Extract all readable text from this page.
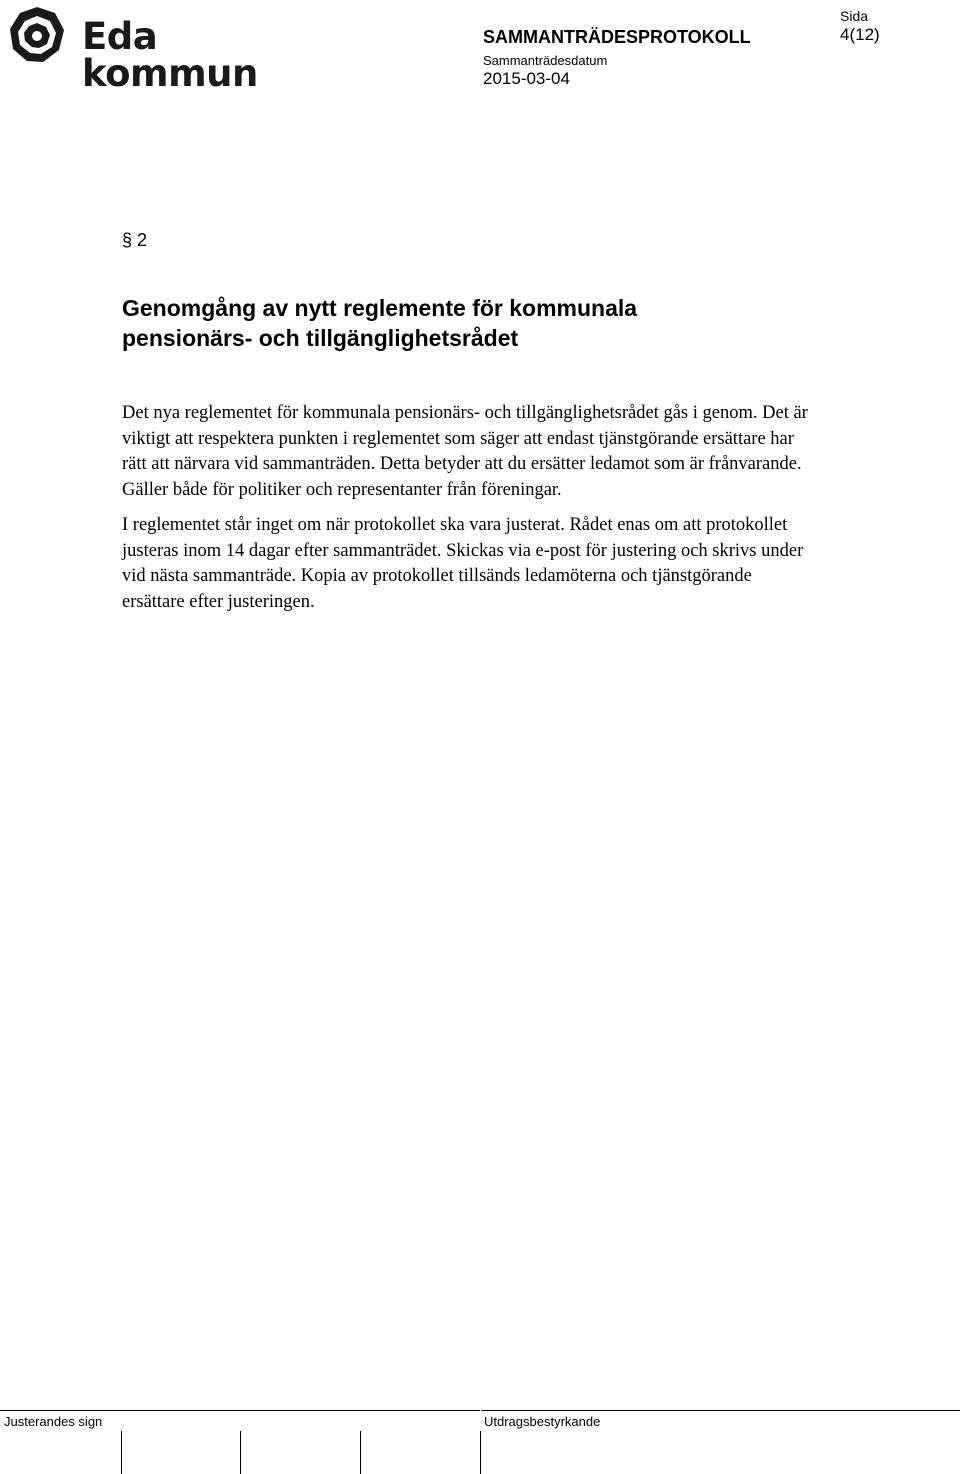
Eda kommun
SAMMANTRÄDESPROTOKOLL
Sammanträdesdatum
2015-03-04
Sida
4(12)
§ 2
Genomgång av nytt reglemente för kommunala
pensionärs- och tillgänglighetsrådet

Det nya reglementet för kommunala pensionärs- och tillgänglighetsrådet gås i genom. Det är viktigt att respektera punkten i reglementet som säger att endast tjänstgörande ersättare har rätt att närvara vid sammanträden. Detta betyder att du ersätter ledamot som är frånvarande. Gäller både för politiker och representanter från föreningar.

I reglementet står inget om när protokollet ska vara justerat. Rådet enas om att protokollet justeras inom 14 dagar efter sammanträdet. Skickas via e-post för justering och skrivs under vid nästa sammanträde. Kopia av protokollet tillsänds ledamöterna och tjänstgörande ersättare efter justeringen.

Justerandes sign	Utdragsbestyrkande
